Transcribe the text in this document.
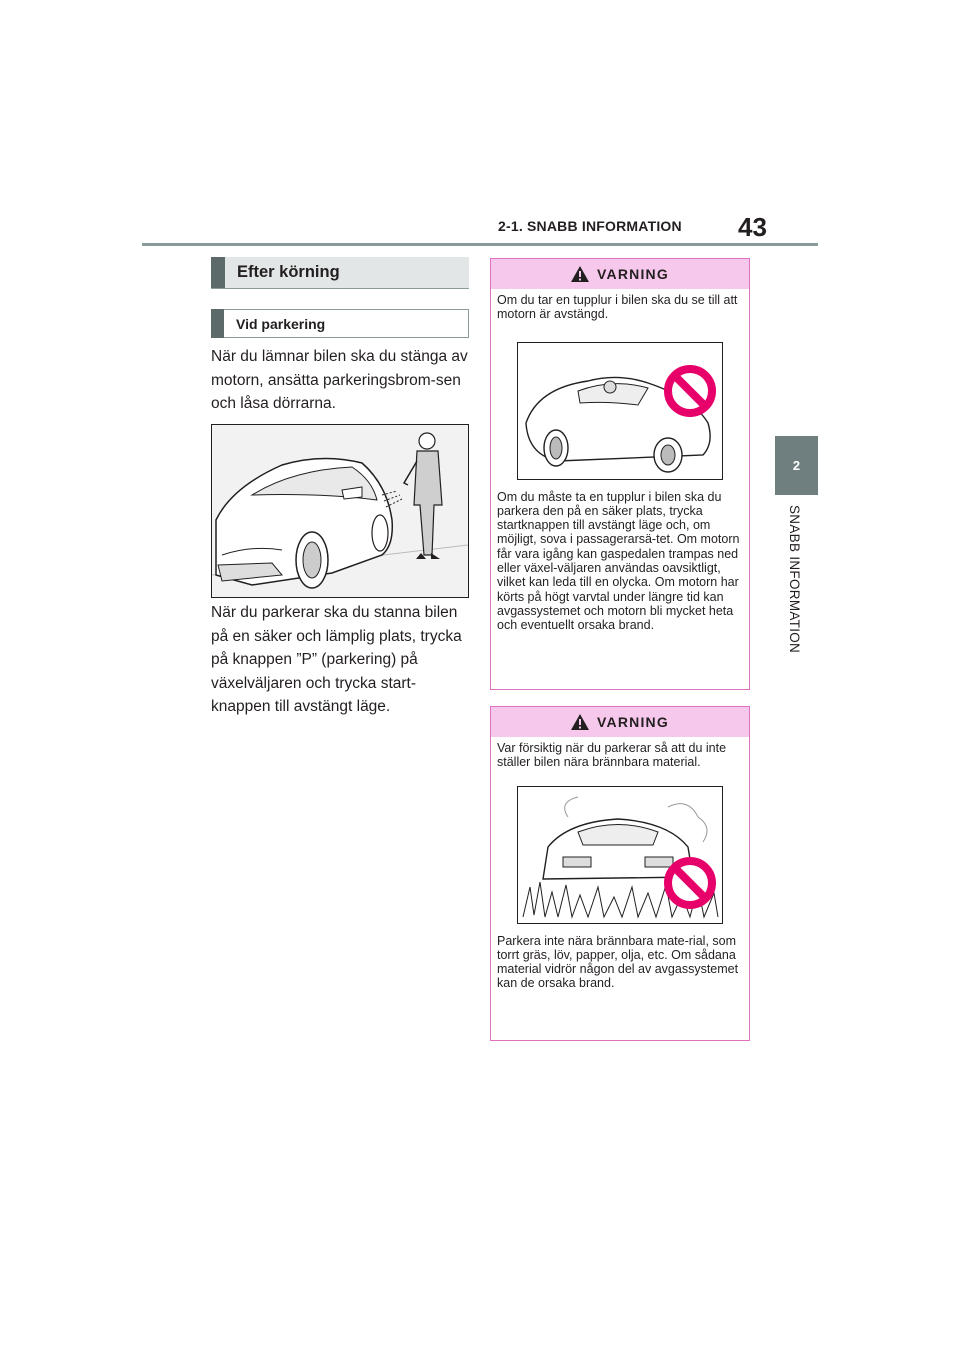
2-1. SNABB INFORMATION 43
2
SNABB INFORMATION
Efter körning
Vid parkering
När du lämnar bilen ska du stänga av motorn, ansätta parkeringsbrom-sen och låsa dörrarna.
När du parkerar ska du stanna bilen på en säker och lämplig plats, trycka på knappen ”P” (parkering) på växelväljaren och trycka start-knappen till avstängt läge.
VARNING
Om du tar en tupplur i bilen ska du se till att motorn är avstängd.
Om du måste ta en tupplur i bilen ska du parkera den på en säker plats, trycka startknappen till avstängt läge och, om möjligt, sova i passagerarsä-tet. Om motorn får vara igång kan gaspedalen trampas ned eller växel-väljaren användas oavsiktligt, vilket kan leda till en olycka. Om motorn har körts på högt varvtal under längre tid kan avgassystemet och motorn bli mycket heta och eventuellt orsaka brand.
VARNING
Var försiktig när du parkerar så att du inte ställer bilen nära brännbara material.
Parkera inte nära brännbara mate-rial, som torrt gräs, löv, papper, olja, etc. Om sådana material vidrör någon del av avgassystemet kan de orsaka brand.
